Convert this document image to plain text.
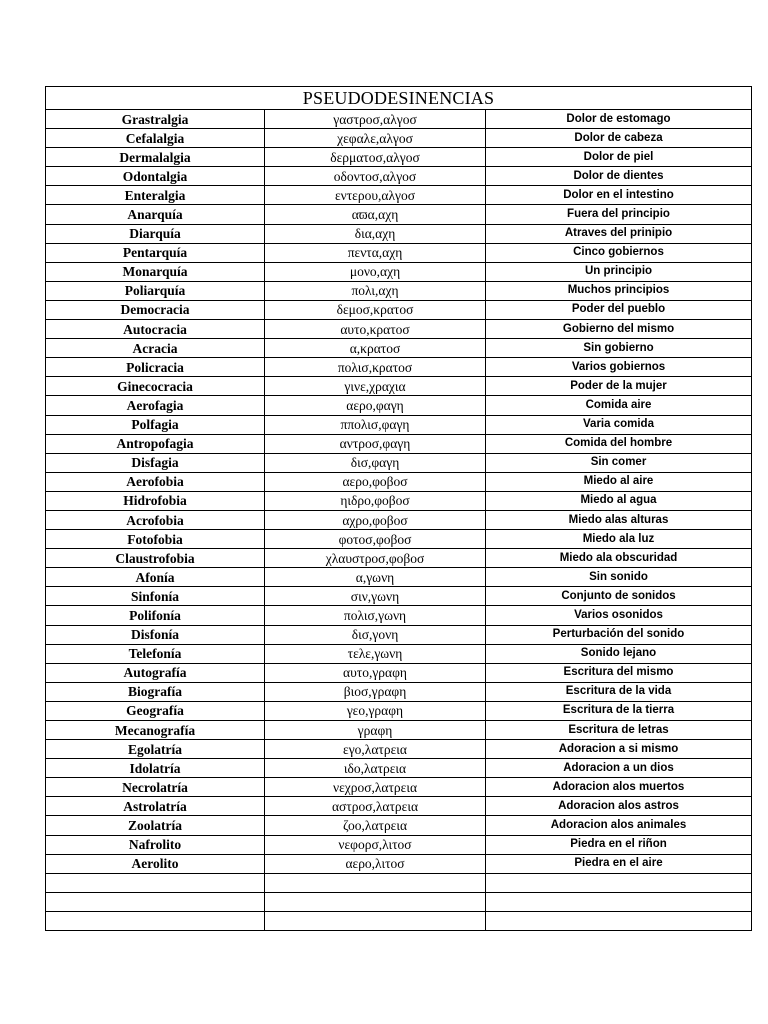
PSEUDODESINENCIAS		
Grastralgia	γαστροσ,αλγοσ	Dolor de estomago
Cefalalgia	χεφαλε,αλγοσ	Dolor de cabeza
Dermalalgia	δερματοσ,αλγοσ	Dolor de piel
Odontalgia	οδοντοσ,αλγοσ	Dolor de dientes
Enteralgia	εντερου,αλγοσ	Dolor en el intestino
Anarquía	αϖα,αχη	Fuera del principio
Diarquía	δια,αχη	Atraves del prinipio
Pentarquía	πεντα,αχη	Cinco gobiernos
Monarquía	μονο,αχη	Un principio
Poliarquía	πολι,αχη	Muchos principios
Democracia	δεμοσ,κρατοσ	Poder del pueblo
Autocracia	αυτο,κρατοσ	Gobierno del mismo
Acracia	α,κρατοσ	Sin gobierno
Policracia	πολισ,κρατοσ	Varios gobiernos
Ginecocracia	γινε,χραχια	Poder de la mujer
Aerofagia	αερο,φαγη	Comida aire
Polfagia	ππολισ,φαγη	Varia comida
Antropofagia	αντροσ,φαγη	Comida del hombre
Disfagia	δισ,φαγη	Sin comer
Aerofobia	αερο,φοβοσ	Miedo al aire
Hidrofobia	ηιδρο,φοβοσ	Miedo al agua
Acrofobia	αχρο,φοβοσ	Miedo alas alturas
Fotofobia	φοτοσ,φοβοσ	Miedo ala luz
Claustrofobia	χλαυστροσ,φοβοσ	Miedo ala obscuridad
Afonía	α,γωνη	Sin sonido
Sinfonía	σιν,γωνη	Conjunto de sonidos
Polifonía	πολισ,γωνη	Varios osonidos
Disfonía	δισ,γονη	Perturbación del sonido
Telefonía	τελε,γωνη	Sonido lejano
Autografía	αυτο,γραφη	Escritura del mismo
Biografía	βιοσ,γραφη	Escritura de la vida
Geografía	γεο,γραφη	Escritura de la tierra
Mecanografía	γραφη	Escritura de letras
Egolatría	εγο,λατρεια	Adoracion a si mismo
Idolatría	ιδο,λατρεια	Adoracion a un dios
Necrolatría	νεχροσ,λατρεια	Adoracion alos muertos
Astrolatría	αστροσ,λατρεια	Adoracion alos astros
Zoolatría	ζοο,λατρεια	Adoracion alos animales
Nafrolito	νεφορσ,λιτοσ	Piedra en el riñon
Aerolito	αερο,λιτοσ	Piedra en el aire
